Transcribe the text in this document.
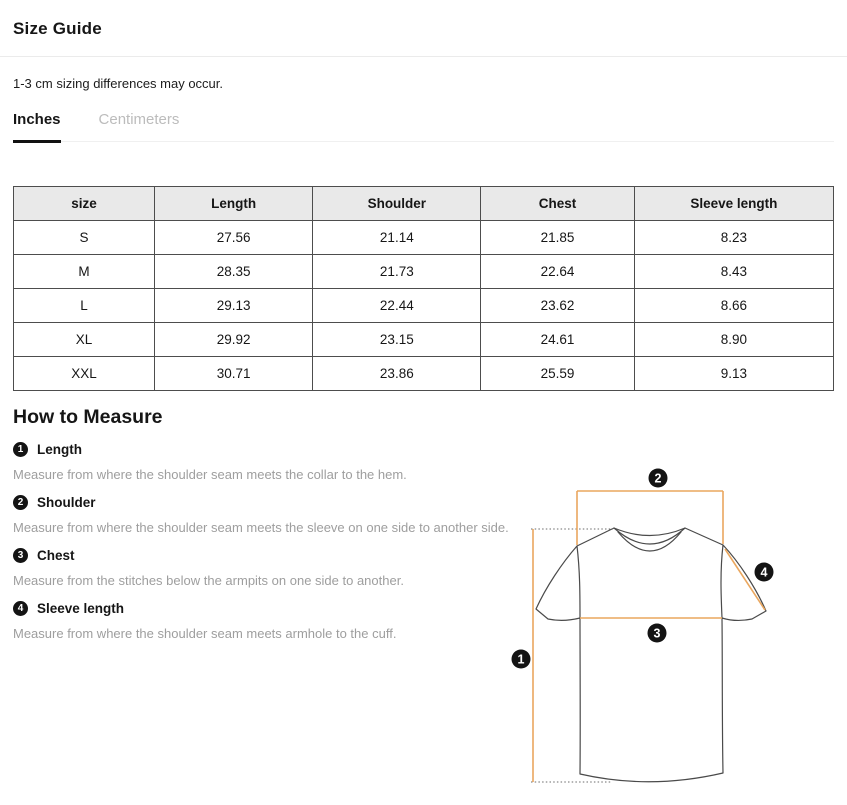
Size Guide

1-3 cm sizing differences may occur.

Inches	Centimeters
size	Length	Shoulder	Chest	Sleeve length
S	27.56	21.14	21.85	8.23
M	28.35	21.73	22.64	8.43
L	29.13	22.44	23.62	8.66
XL	29.92	23.15	24.61	8.90
XXL	30.71	23.86	25.59	9.13
How to Measure
1	Length

Measure from where the shoulder seam meets the collar to the hem.

2	Shoulder

Measure from where the shoulder seam meets the sleeve on one side to another side.

3	Chest

Measure from the stitches below the armpits on one side to another.

4	Sleeve length

Measure from where the shoulder seam meets armhole to the cuff.

1
2
3
4
